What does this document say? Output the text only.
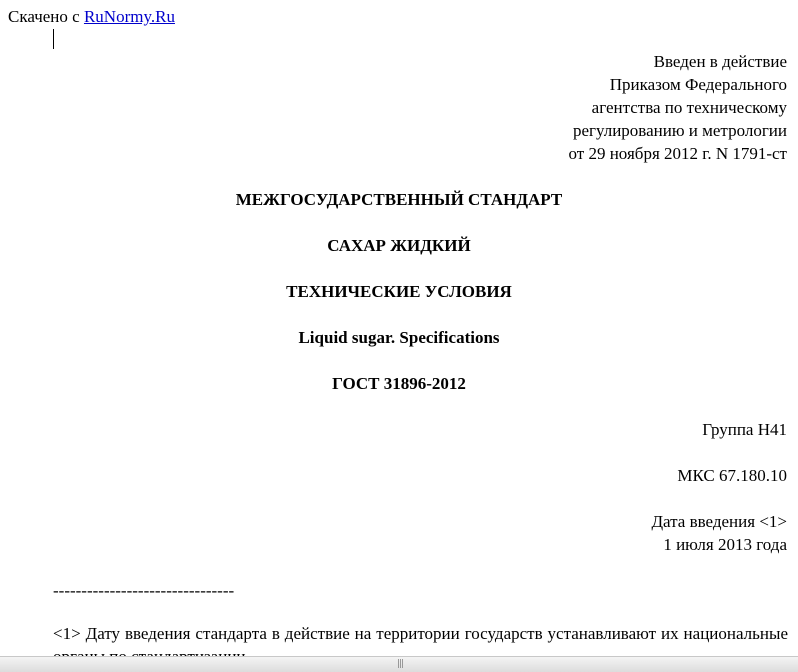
Скачено с RuNormy.Ru
Введен в действие
Приказом Федерального
агентства по техническому
регулированию и метрологии
от 29 ноября 2012 г. N 1791-ст
МЕЖГОСУДАРСТВЕННЫЙ СТАНДАРТ
САХАР ЖИДКИЙ
ТЕХНИЧЕСКИЕ УСЛОВИЯ
Liquid sugar. Specifications
ГОСТ 31896-2012
Группа Н41
МКС 67.180.10
Дата введения <1>
1 июля 2013 года
--------------------------------
<1> Дату введения стандарта в действие на территории государств устанавливают их национальные
|||
